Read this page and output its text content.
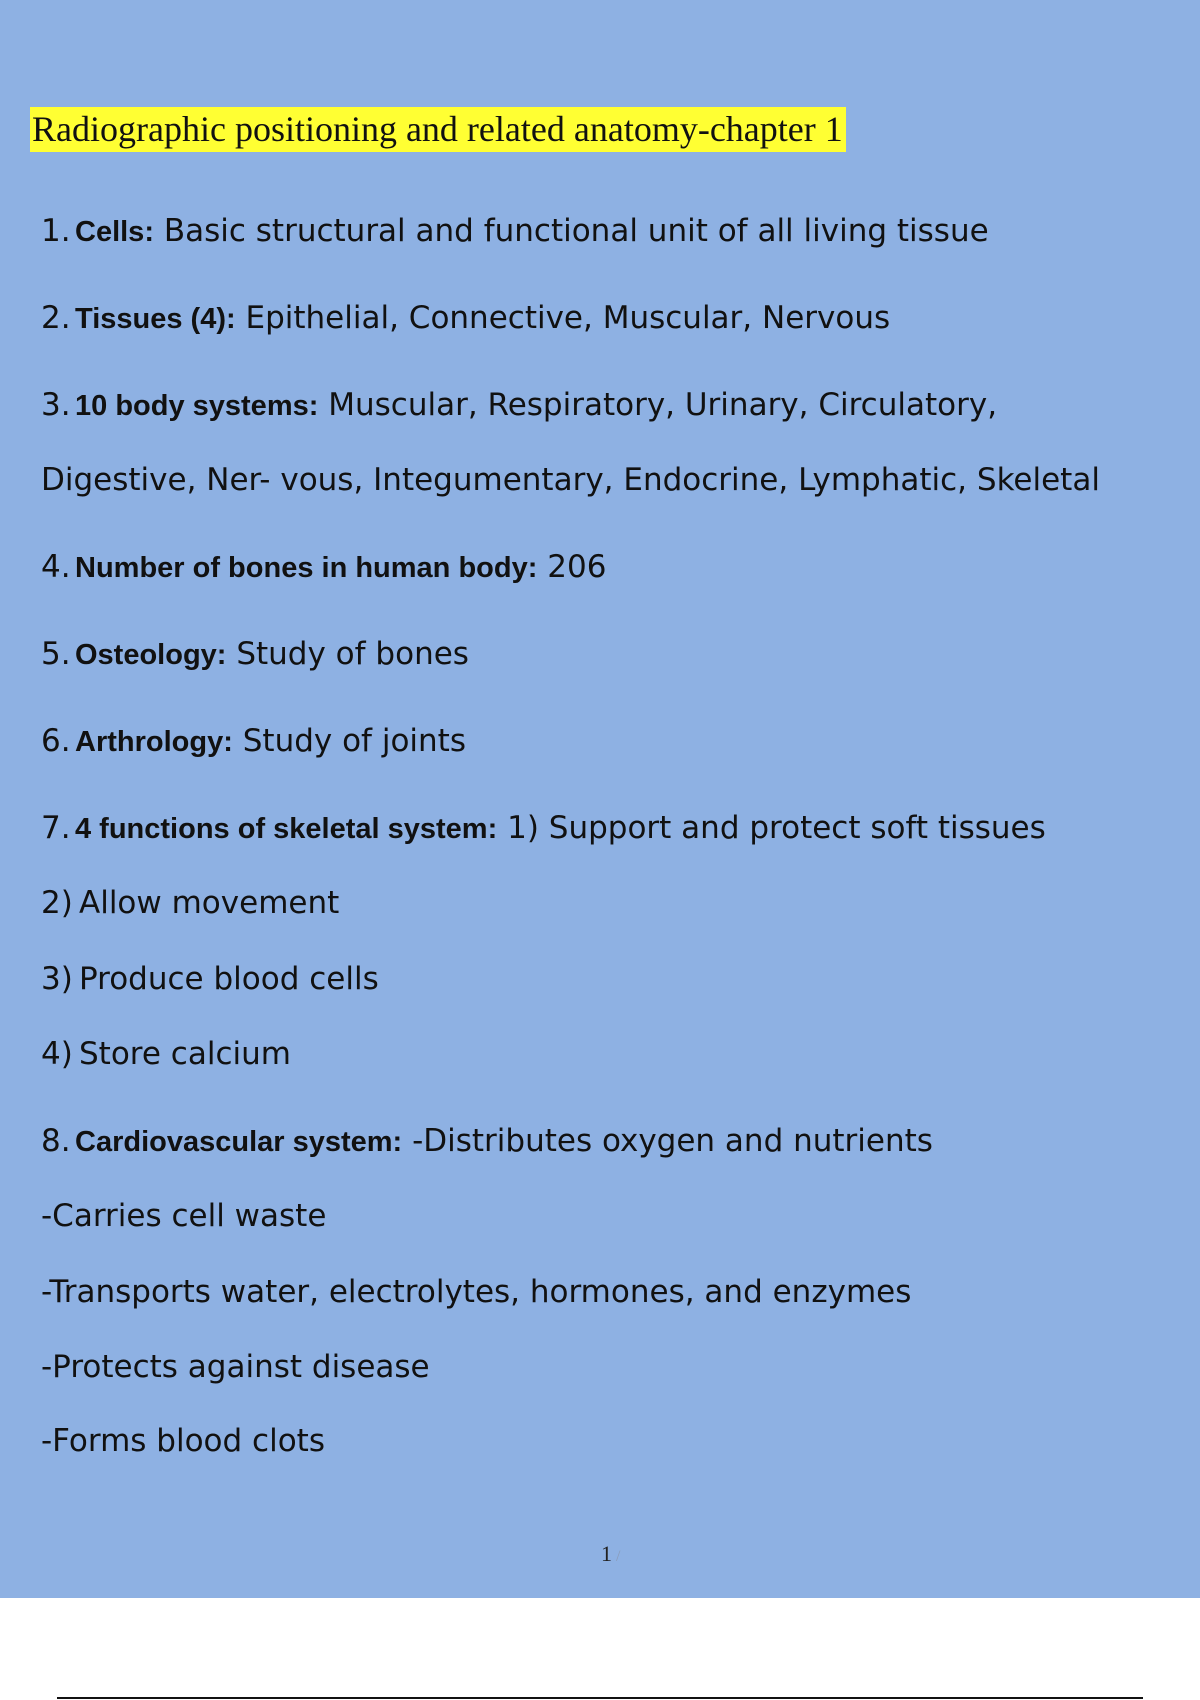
Radiographic positioning and related anatomy-chapter 1

1. Cells: Basic structural and functional unit of all living tissue

2. Tissues (4): Epithelial, Connective, Muscular, Nervous

3. 10 body systems: Muscular, Respiratory, Urinary, Circulatory,

Digestive, Ner- vous, Integumentary, Endocrine, Lymphatic, Skeletal

4. Number of bones in human body: 206

5. Osteology: Study of bones

6. Arthrology: Study of joints

7. 4 functions of skeletal system: 1) Support and protect soft tissues

2) Allow movement

3) Produce blood cells

4) Store calcium

8. Cardiovascular system: -Distributes oxygen and nutrients

-Carries cell waste

-Transports water, electrolytes, hormones, and enzymes

-Protects against disease

-Forms blood clots

1 /
